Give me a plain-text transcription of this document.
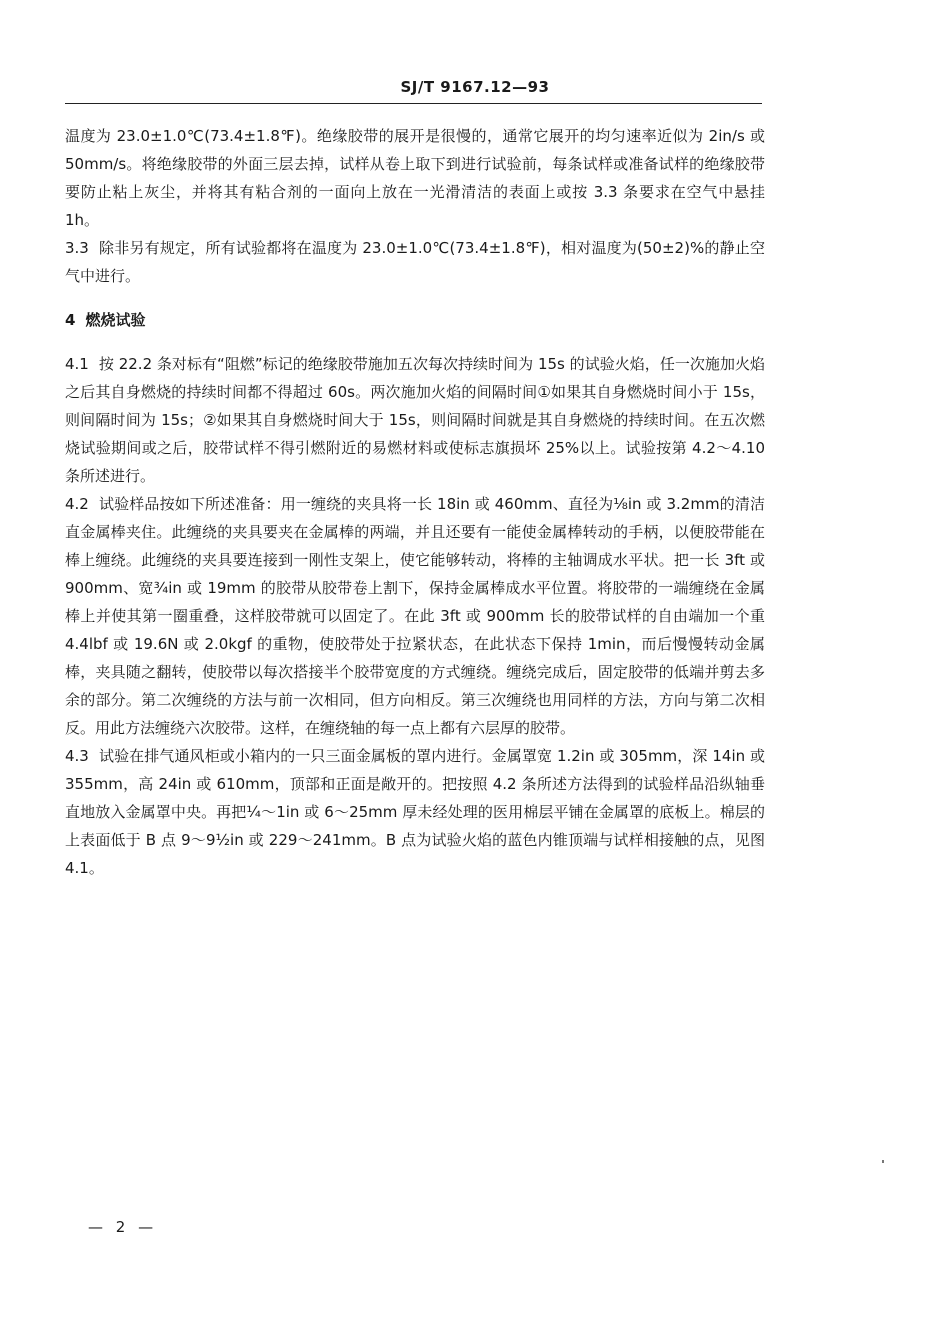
SJ/T 9167.12—93

温度为 23.0±1.0℃(73.4±1.8℉)。绝缘胶带的展开是很慢的，通常它展开的均匀速率近似为 2in/s 或 50mm/s。将绝缘胶带的外面三层去掉，试样从卷上取下到进行试验前，每条试样或准备试样的绝缘胶带要防止粘上灰尘，并将其有粘合剂的一面向上放在一光滑清洁的表面上或按 3.3 条要求在空气中悬挂 1h。

3.3 除非另有规定，所有试验都将在温度为 23.0±1.0℃(73.4±1.8℉)，相对温度为(50±2)%的静止空气中进行。

4 燃烧试验

4.1 按 22.2 条对标有“阻燃”标记的绝缘胶带施加五次每次持续时间为 15s 的试验火焰，任一次施加火焰之后其自身燃烧的持续时间都不得超过 60s。两次施加火焰的间隔时间①如果其自身燃烧时间小于 15s，则间隔时间为 15s；②如果其自身燃烧时间大于 15s，则间隔时间就是其自身燃烧的持续时间。在五次燃烧试验期间或之后，胶带试样不得引燃附近的易燃材料或使标志旗损坏 25%以上。试验按第 4.2～4.10 条所述进行。

4.2 试验样品按如下所述准备：用一缠绕的夹具将一长 18in 或 460mm、直径为⅛in 或 3.2mm的清洁直金属棒夹住。此缠绕的夹具要夹在金属棒的两端，并且还要有一能使金属棒转动的手柄，以便胶带能在棒上缠绕。此缠绕的夹具要连接到一刚性支架上，使它能够转动，将棒的主轴调成水平状。把一长 3ft 或 900mm、宽¾in 或 19mm 的胶带从胶带卷上割下，保持金属棒成水平位置。将胶带的一端缠绕在金属棒上并使其第一圈重叠，这样胶带就可以固定了。在此 3ft 或 900mm 长的胶带试样的自由端加一个重 4.4lbf 或 19.6N 或 2.0kgf 的重物，使胶带处于拉紧状态，在此状态下保持 1min，而后慢慢转动金属棒，夹具随之翻转，使胶带以每次搭接半个胶带宽度的方式缠绕。缠绕完成后，固定胶带的低端并剪去多余的部分。第二次缠绕的方法与前一次相同，但方向相反。第三次缠绕也用同样的方法，方向与第二次相反。用此方法缠绕六次胶带。这样，在缠绕轴的每一点上都有六层厚的胶带。

4.3 试验在排气通风柜或小箱内的一只三面金属板的罩内进行。金属罩宽 1.2in 或 305mm，深 14in 或 355mm，高 24in 或 610mm，顶部和正面是敞开的。把按照 4.2 条所述方法得到的试验样品沿纵轴垂直地放入金属罩中央。再把¼～1in 或 6～25mm 厚未经处理的医用棉层平铺在金属罩的底板上。棉层的上表面低于 B 点 9～9½in 或 229～241mm。B 点为试验火焰的蓝色内锥顶端与试样相接触的点，见图 4.1。

— 2 —
